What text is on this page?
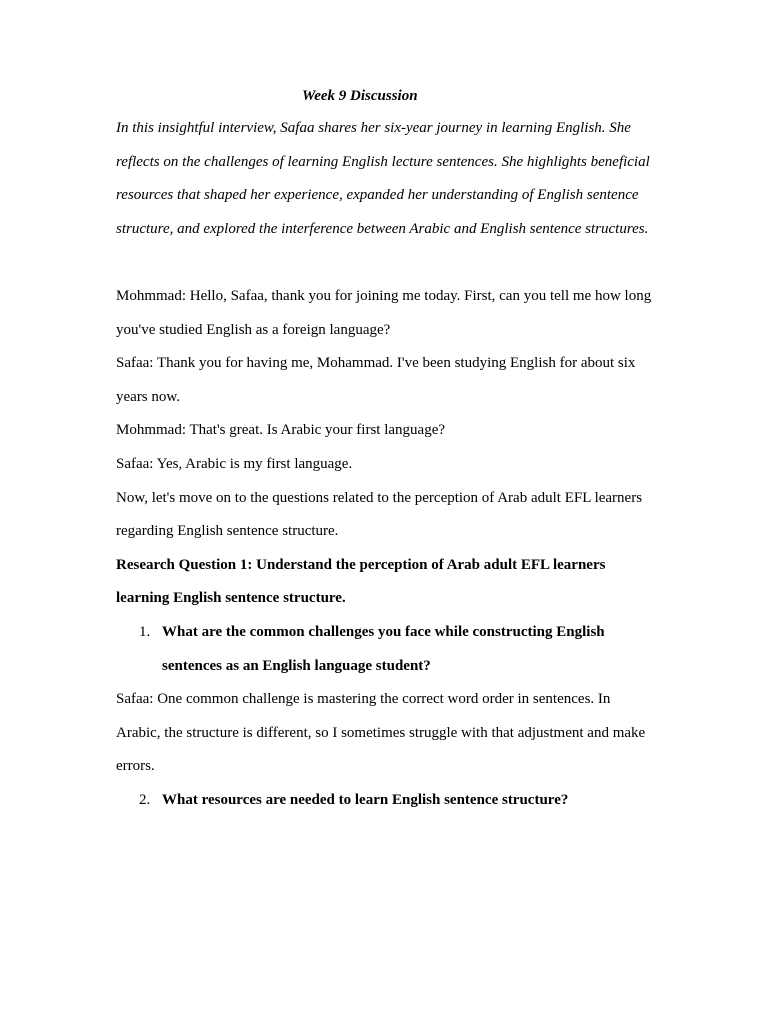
Week 9 Discussion

In this insightful interview, Safaa shares her six-year journey in learning English. She reflects on the challenges of learning English lecture sentences. She highlights beneficial resources that shaped her experience, expanded her understanding of English sentence structure, and explored the interference between Arabic and English sentence structures.

Mohmmad: Hello, Safaa, thank you for joining me today. First, can you tell me how long you've studied English as a foreign language?

Safaa: Thank you for having me, Mohammad. I've been studying English for about six years now.

Mohmmad: That's great. Is Arabic your first language?

Safaa: Yes, Arabic is my first language.

Now, let's move on to the questions related to the perception of Arab adult EFL learners regarding English sentence structure.

Research Question 1: Understand the perception of Arab adult EFL learners learning English sentence structure.

1. What are the common challenges you face while constructing English sentences as an English language student?

Safaa: One common challenge is mastering the correct word order in sentences. In Arabic, the structure is different, so I sometimes struggle with that adjustment and make errors.

2. What resources are needed to learn English sentence structure?
